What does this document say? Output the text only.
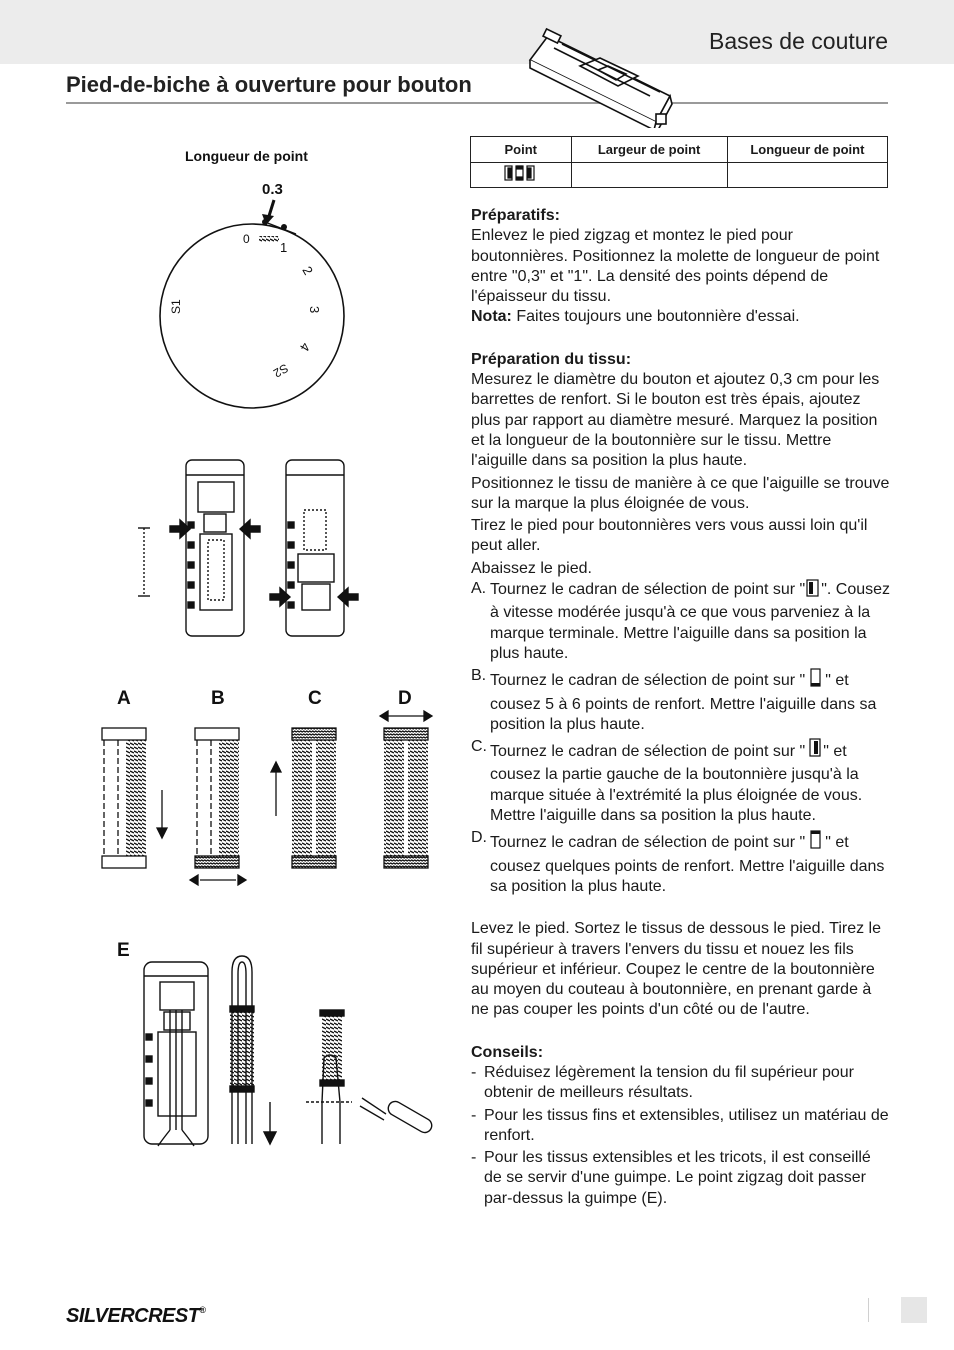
Bases de couture
Pied-de-biche à ouverture pour bouton
Longueur de point
0.3
0
1
2
3
4
S2
S1
A	B	C	D
E
Point	Largeur de point	Longueur de point

Préparatifs:

Enlevez le pied zigzag et montez le pied pour boutonnières. Positionnez la molette de longueur de point entre "0,3" et "1". La densité des points dépend de l'épaisseur du tissu.

Nota: Faites toujours une boutonnière d'essai.

Préparation du tissu:

Mesurez le diamètre du bouton et ajoutez 0,3 cm pour les barrettes de renfort. Si le bouton est très épais, ajoutez plus par rapport au diamètre mesuré. Marquez la position et la longueur de la boutonnière sur le tissu. Mettre l'aiguille dans sa position la plus haute.

Positionnez le tissu de manière à ce que l'aiguille se trouve sur la marque la plus éloignée de vous.

Tirez le pied pour boutonnières vers vous aussi loin qu'il peut aller.

Abaissez le pied.

A. Tournez le cadran de sélection de point sur " ". Cousez à vitesse modérée jusqu'à ce que vous parveniez à la marque terminale. Mettre l'aiguille dans sa position la plus haute.
B. Tournez le cadran de sélection de point sur " " et cousez 5 à 6 points de renfort. Mettre l'aiguille dans sa position la plus haute.
C. Tournez le cadran de sélection de point sur " " et cousez la partie gauche de la boutonnière jusqu'à la marque située à l'extrémité la plus éloignée de vous. Mettre l'aiguille dans sa position la plus haute.
D. Tournez le cadran de sélection de point sur " " et cousez quelques points de renfort. Mettre l'aiguille dans sa position la plus haute.

Levez le pied. Sortez le tissus de dessous le pied. Tirez le fil supérieur à travers l'envers du tissu et nouez les fils supérieur et inférieur. Coupez le centre de la boutonnière au moyen du couteau à boutonnière, en prenant garde à ne pas couper les points d'un côté ou de l'autre.

Conseils:

- Réduisez légèrement la tension du fil supérieur pour obtenir de meilleurs résultats.
- Pour les tissus fins et extensibles, utilisez un matériau de renfort.
- Pour les tissus extensibles et les tricots, il est conseillé de se servir d'une guimpe. Le point zigzag doit passer par-dessus la guimpe (E).
SILVERCREST®
